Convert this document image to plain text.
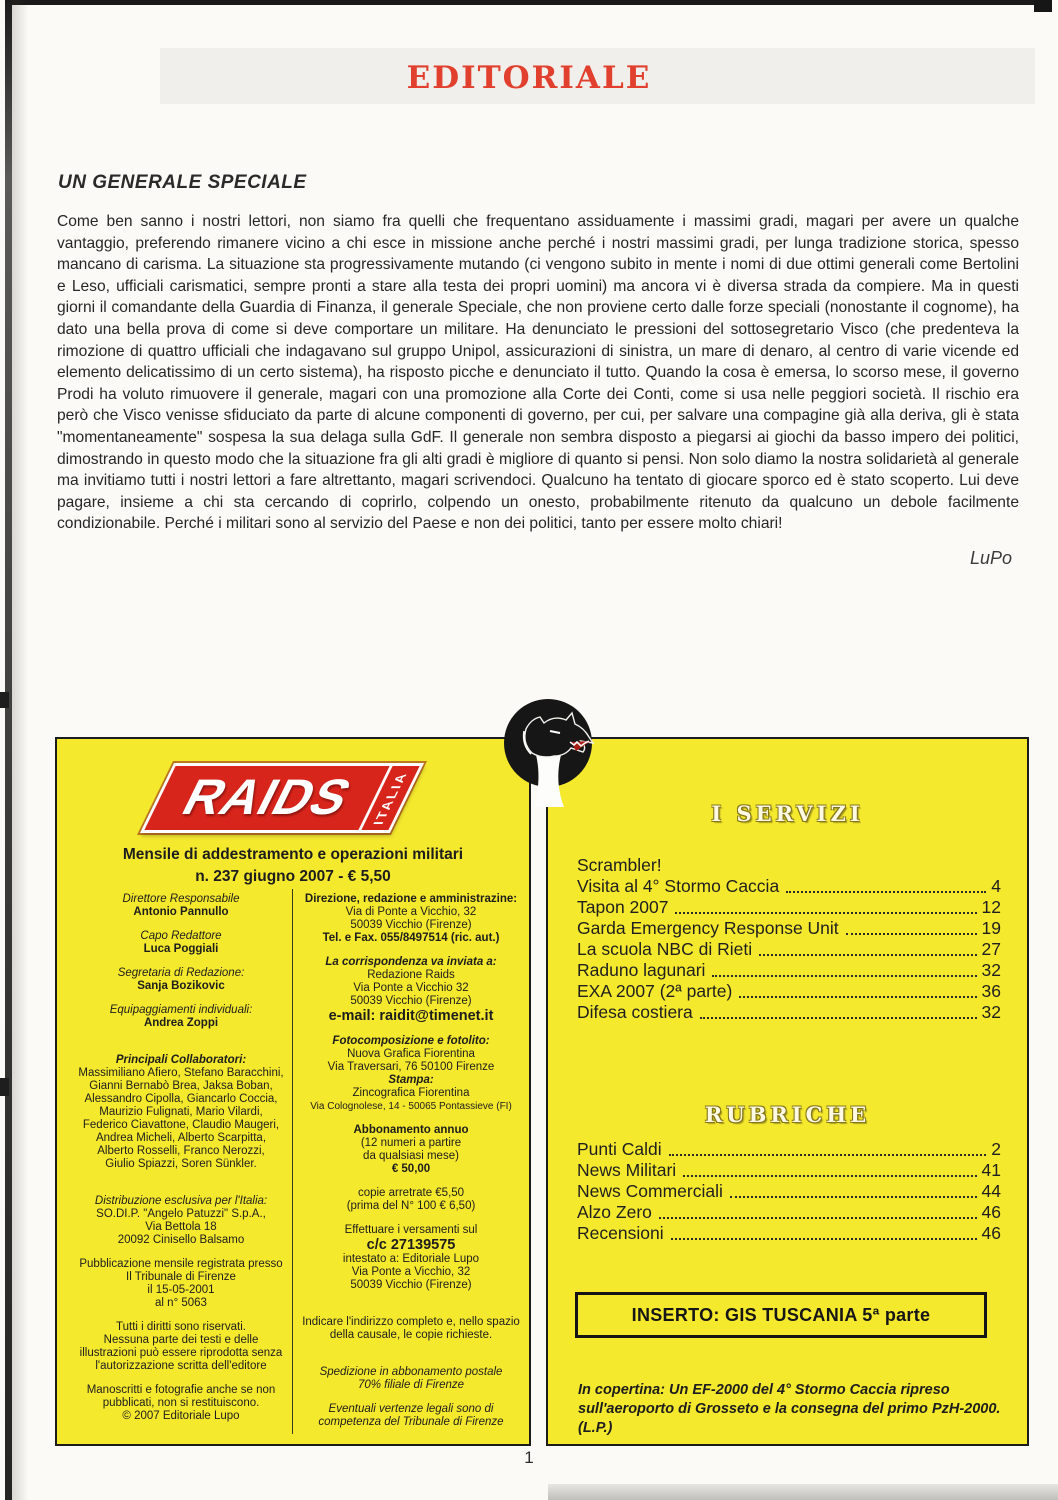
EDITORIALE
UN GENERALE SPECIALE
Come ben sanno i nostri lettori, non siamo fra quelli che frequentano assiduamente i massimi gradi, magari per avere un qualche vantaggio, preferendo rimanere vicino a chi esce in missione anche perché i nostri massimi gradi, per lunga tradizione storica, spesso mancano di carisma. La situazione sta progressivamente mutando (ci vengono subito in mente i nomi di due ottimi generali come Bertolini e Leso, ufficiali carismatici, sempre pronti a stare alla testa dei propri uomini) ma ancora vi è diversa strada da compiere. Ma in questi giorni il comandante della Guardia di Finanza, il generale Speciale, che non proviene certo dalle forze speciali (nonostante il cognome), ha dato una bella prova di come si deve comportare un militare. Ha denunciato le pressioni del sottosegretario Visco (che predenteva la rimozione di quattro ufficiali che indagavano sul gruppo Unipol, assicurazioni di sinistra, un mare di denaro, al centro di varie vicende ed elemento delicatissimo di un certo sistema), ha risposto picche e denunciato il tutto. Quando la cosa è emersa, lo scorso mese, il governo Prodi ha voluto rimuovere il generale, magari con una promozione alla Corte dei Conti, come si usa nelle peggiori società. Il rischio era però che Visco venisse sfiduciato da parte di alcune componenti di governo, per cui, per salvare una compagine già alla deriva, gli è stata "momentaneamente" sospesa la sua delaga sulla GdF. Il generale non sembra disposto a piegarsi ai giochi da basso impero dei politici, dimostrando in questo modo che la situazione fra gli alti gradi è migliore di quanto si pensi. Non solo diamo la nostra solidarietà al generale ma invitiamo tutti i nostri lettori a fare altrettanto, magari scrivendoci. Qualcuno ha tentato di giocare sporco ed è stato scoperto. Lui deve pagare, insieme a chi sta cercando di coprirlo, colpendo un onesto, probabilmente ritenuto da qualcuno un debole facilmente condizionabile. Perché i militari sono al servizio del Paese e non dei politici, tanto per essere molto chiari!
LuPo
RAIDS ITALIA
Mensile di addestramento e operazioni militari
n. 237 giugno 2007 - € 5,50
Direttore Responsabile
Antonio Pannullo
Capo Redattore
Luca Poggiali
Segretaria di Redazione:
Sanja Bozikovic
Equipaggiamenti individuali:
Andrea Zoppi
Principali Collaboratori:
Massimiliano Afiero, Stefano Baracchini,
Gianni Bernabò Brea, Jaksa Boban,
Alessandro Cipolla, Giancarlo Coccia,
Maurizio Fulignati, Mario Vilardi,
Federico Ciavattone, Claudio Maugeri,
Andrea Micheli, Alberto Scarpitta,
Alberto Rosselli, Franco Nerozzi,
Giulio Spiazzi, Soren Sünkler.
Distribuzione esclusiva per l'Italia:
SO.DI.P. "Angelo Patuzzi" S.p.A.,
Via Bettola 18
20092 Cinisello Balsamo
Pubblicazione mensile registrata presso
Il Tribunale di Firenze
il 15-05-2001
al n° 5063
Tutti i diritti sono riservati.
Nessuna parte dei testi e delle
illustrazioni può essere riprodotta senza
l'autorizzazione scritta dell'editore
Manoscritti e fotografie anche se non
pubblicati, non si restituiscono.
© 2007 Editoriale Lupo
Direzione, redazione e amministrazine:
Via di Ponte a Vicchio, 32
50039 Vicchio (Firenze)
Tel. e Fax. 055/8497514 (ric. aut.)
La corrispondenza va inviata a:
Redazione Raids
Via Ponte a Vicchio 32
50039 Vicchio (Firenze)
e-mail: raidit@timenet.it
Fotocomposizione e fotolito:
Nuova Grafica Fiorentina
Via Traversari, 76 50100 Firenze
Stampa:
Zincografica Fiorentina
Via Colognolese, 14 - 50065 Pontassieve (FI)
Abbonamento annuo
(12 numeri a partire
da qualsiasi mese)
€ 50,00
copie arretrate €5,50
(prima del N° 100 € 6,50)
Effettuare i versamenti sul
c/c 27139575
intestato a: Editoriale Lupo
Via Ponte a Vicchio, 32
50039 Vicchio (Firenze)
Indicare l'indirizzo completo e, nello spazio
della causale, le copie richieste.
Spedizione in abbonamento postale
70% filiale di Firenze
Eventuali vertenze legali sono di
competenza del Tribunale di Firenze
I SERVIZI
Scrambler!
Visita al 4° Stormo Caccia	4
Tapon 2007	12
Garda Emergency Response Unit	19
La scuola NBC di Rieti	27
Raduno lagunari	32
EXA 2007 (2ª parte)	36
Difesa costiera	32
RUBRICHE
Punti Caldi	2
News Militari	41
News Commerciali	44
Alzo Zero	46
Recensioni	46
INSERTO: GIS TUSCANIA 5ª parte
In copertina: Un EF-2000 del 4° Stormo Caccia ripreso sull'aeroporto di Grosseto e la consegna del primo PzH-2000. (L.P.)
1
